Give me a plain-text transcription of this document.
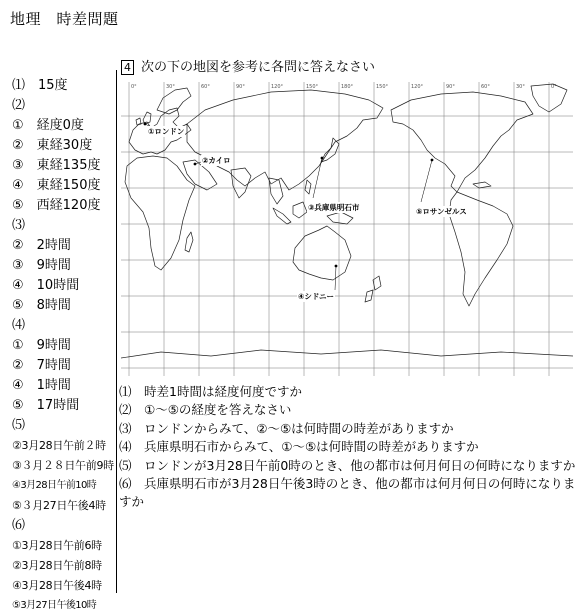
地理　時差問題
⑴　15度
⑵
①　経度0度
②　東経30度
③　東経135度
④　東経150度
⑤　西経120度
⑶
②　2時間
③　9時間
④　10時間
⑤　8時間
⑷
①　9時間
②　7時間
④　1時間
⑤　17時間
⑸
②3月28日午前２時
③３月２８日午前9時
④3月28日午前10時
⑤３月27日午後4時
⑹
①3月28日午前6時
②3月28日午前8時
④3月28日午後4時
⑤3月27日午後10時
4 次の下の地図を参考に各問に答えなさい
0°	30°	60°	90°	120°	150°	180°	150°	120°	90°	60°	30°	0°
①ロンドン
②カイロ
③兵庫県明石市
④シドニー
⑤ロサンゼルス
⑴　時差1時間は経度何度ですか
⑵　①～⑤の経度を答えなさい
⑶　ロンドンからみて、②～⑤は何時間の時差がありますか
⑷　兵庫県明石市からみて、①～⑤は何時間の時差がありますか
⑸　ロンドンが3月28日午前0時のとき、他の都市は何月何日の何時になりますか
⑹　兵庫県明石市が3月28日午後3時のとき、他の都市は何月何日の何時になりますか
